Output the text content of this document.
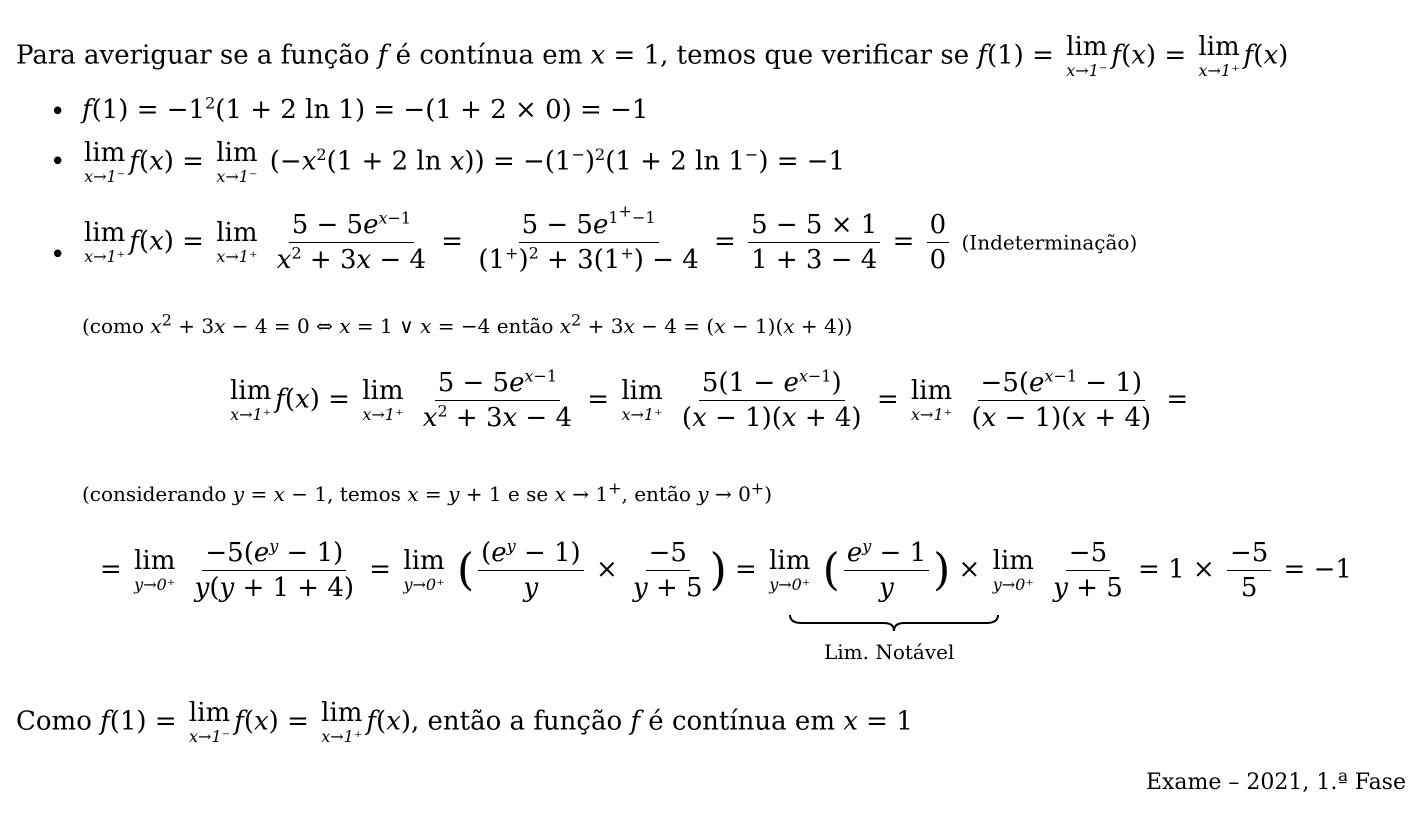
Para averiguar se a função f é contínua em x = 1, temos que verificar se f(1) = lim
x→1⁻
f(x) = lim
x→1⁺
f(x)
• $f(1) = -1^2(1 + 2$ ln 1) = −(1 + 2 × 0) = −1
• lim
x→1⁻
f(x) = lim
x→1⁻
($-x^2(1 + 2$ $\ln x)) = -(1^-)^2(1 + 2$ ln 1−) = −1
•
lim
x→1⁺
f(x) = lim
x→1⁺
$\frac{5 - 5e^{x-1}}{x^2 + 3x - 4} = \frac{5 - 5e^{1^+-1}}{(1^+)^2 + 3(1^+) - 4} = \frac{5 - 5 \times 1}{1 + 3 - 4} = \frac{0}{0}$ (Indeterminação)
(como $x^2 + 3x - 4 = 0$ ⇔ x = 1 ∨ x = −4 então $x^2 + 3x - 4 = (x - 1)(x + 4)$)
lim
x→1⁺
f(x) = lim
x→1⁺
$\frac{5 - 5e^{x-1}}{x^2 + 3x - 4} = \lim$
x→1⁺
$\frac{5(1 - e^{x-1})}{(x - 1)(x + 4)} = \lim$
x→1⁺
$\frac{-5(e^{x-1} - 1)}{(x - 1)(x + 4)}$ =
(considerando y = x − 1, temos x = y + 1 e se x → 1+, então y → 0+)
= lim
y→0⁺
$\frac{-5(e^y - 1)}{y(y + 1 + 4)} = \lim$
y→0⁺ ( $\frac{(e^y - 1)}{y} \times \frac{-5}{y + 5}$ ) = lim
y→0⁺ ( $\frac{e^y - 1}{y}$ ) × lim
y→0⁺
$\frac{-5}{y + 5} = 1 \times \frac{-5}{5} = -1$
Lim. Notável
Como f(1) = lim
x→1⁻
f(x) = lim
x→1⁺
f(x), então a função f é contínua em x = 1
Exame – 2021, 1.ª Fase
